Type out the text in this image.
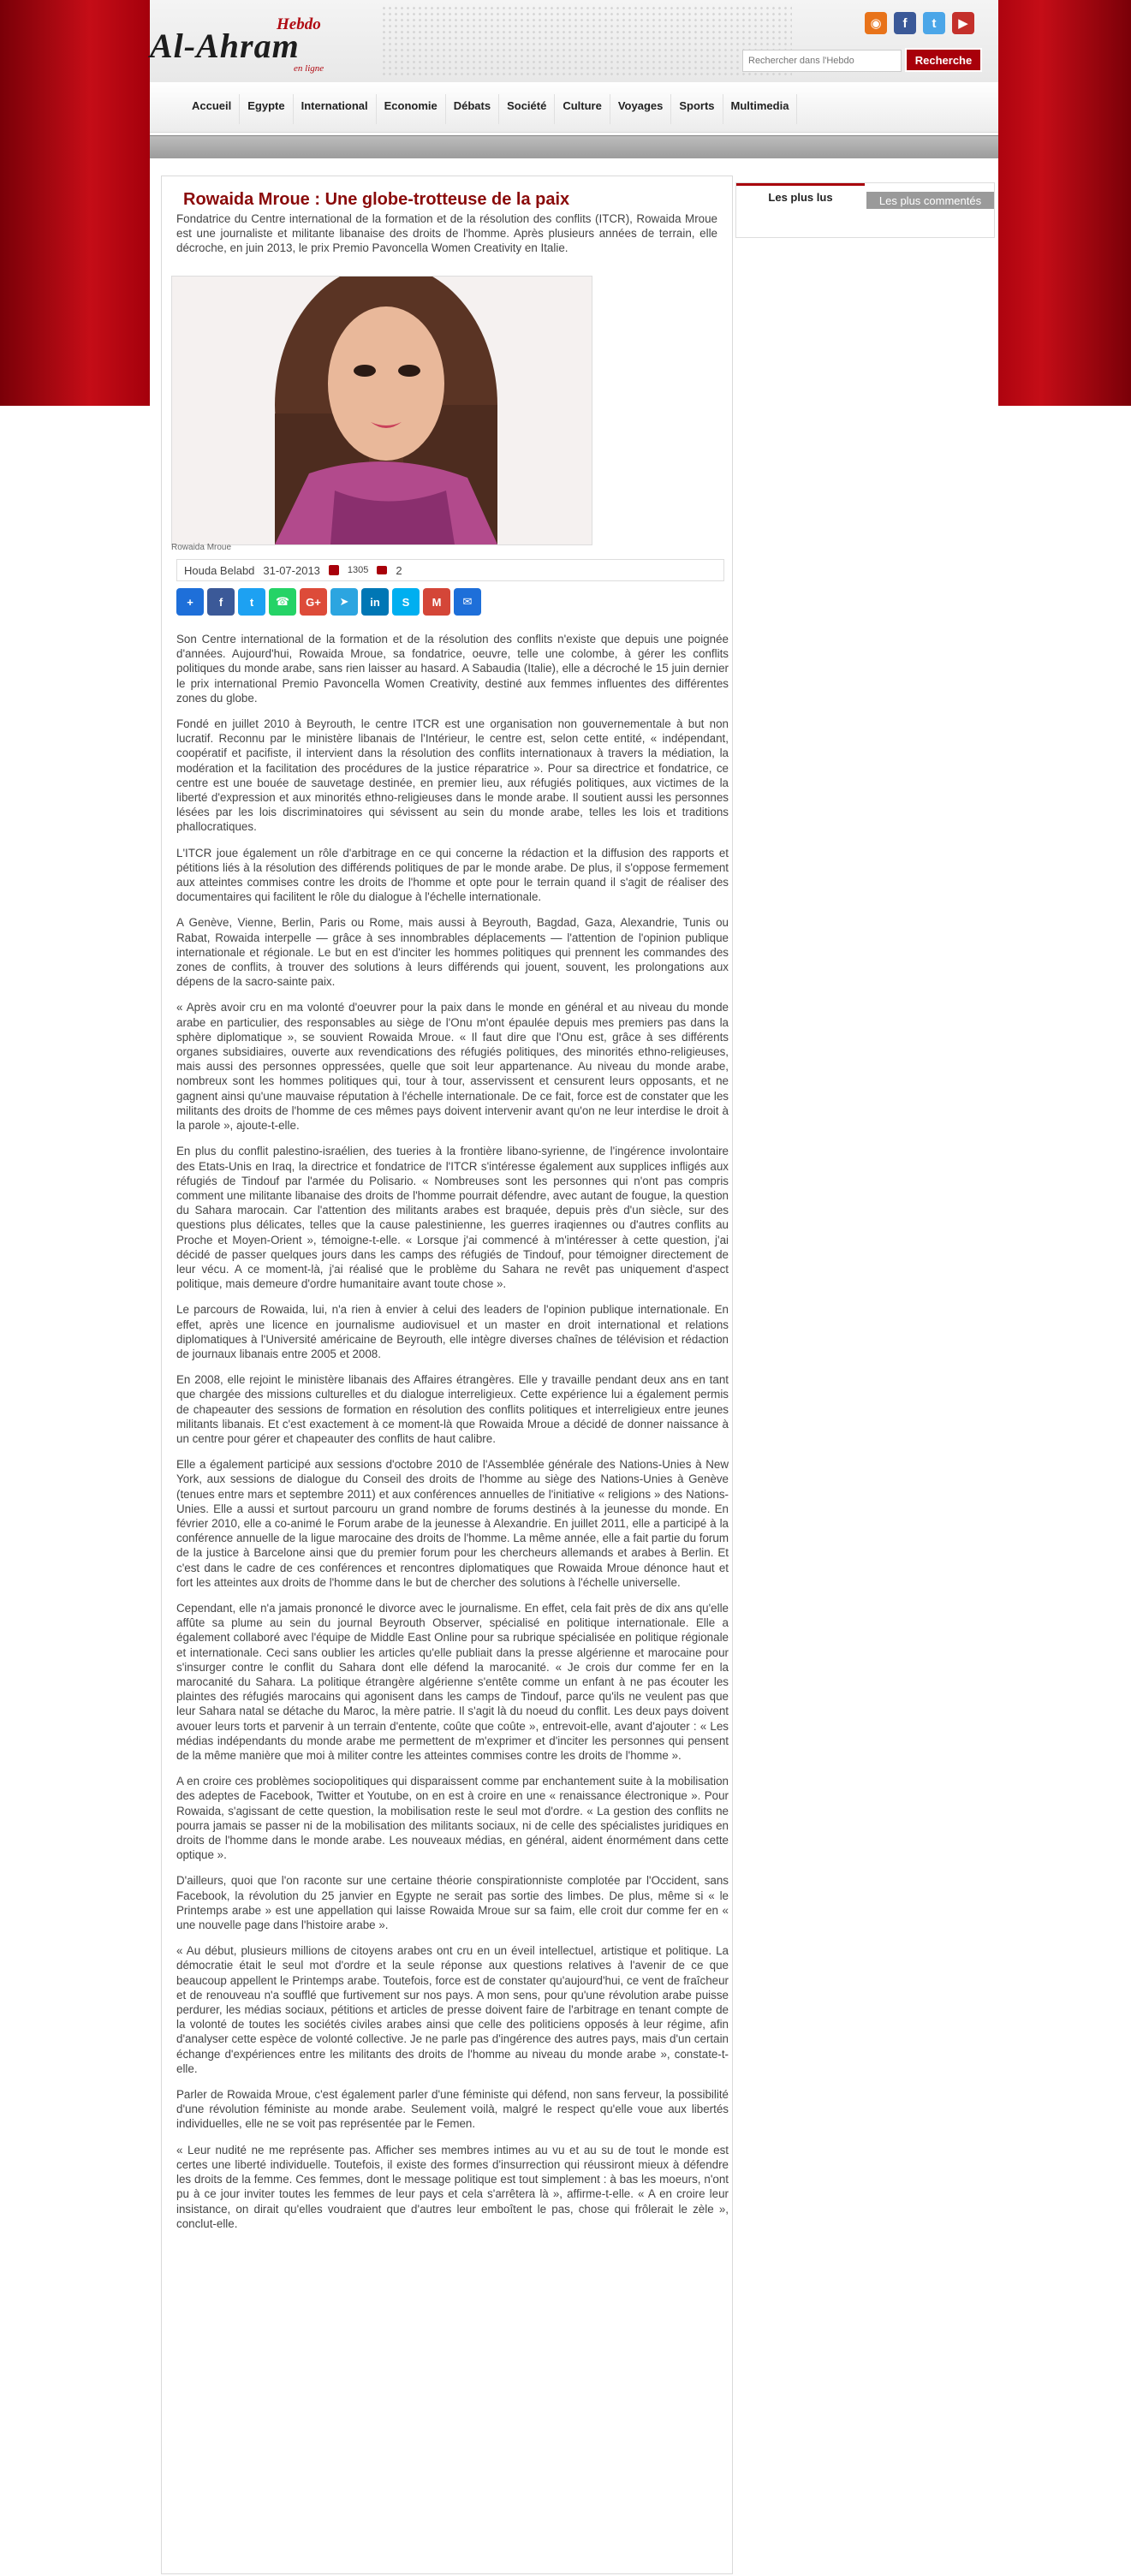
Al-Ahram
Hebdo
en ligne
◉	f	t	▶
Rechercher dans l'Hebdo
Recherche
Accueil	Egypte	International	Economie	Débats	Société	Culture	Voyages	Sports	Multimedia
Rowaida Mroue : Une globe-trotteuse de la paix
Fondatrice du Centre international de la formation et de la résolution des conflits (ITCR), Rowaida Mroue est une journaliste et militante libanaise des droits de l'homme. Après plusieurs années de terrain, elle décroche, en juin 2013, le prix Premio Pavoncella Women Creativity en Italie.
Rowaida Mroue
Houda Belabd 31-07-2013	1305 2
+	f	t	☎	G+	➤	in	S	M	✉

Son Centre international de la formation et de la résolution des conflits n'existe que depuis une poignée d'années. Aujourd'hui, Rowaida Mroue, sa fondatrice, oeuvre, telle une colombe, à gérer les conflits politiques du monde arabe, sans rien laisser au hasard. A Sabaudia (Italie), elle a décroché le 15 juin dernier le prix international Premio Pavoncella Women Creativity, destiné aux femmes influentes des différentes zones du globe.

Fondé en juillet 2010 à Beyrouth, le centre ITCR est une organisation non gouvernementale à but non lucratif. Reconnu par le ministère libanais de l'Intérieur, le centre est, selon cette entité, « indépendant, coopératif et pacifiste, il intervient dans la résolution des conflits internationaux à travers la médiation, la modération et la facilitation des procédures de la justice réparatrice ». Pour sa directrice et fondatrice, ce centre est une bouée de sauvetage destinée, en premier lieu, aux réfugiés politiques, aux victimes de la liberté d'expression et aux minorités ethno-religieuses dans le monde arabe. Il soutient aussi les personnes lésées par les lois discriminatoires qui sévissent au sein du monde arabe, telles les lois et traditions phallocratiques.

L'ITCR joue également un rôle d'arbitrage en ce qui concerne la rédaction et la diffusion des rapports et pétitions liés à la résolution des différends politiques de par le monde arabe. De plus, il s'oppose fermement aux atteintes commises contre les droits de l'homme et opte pour le terrain quand il s'agit de réaliser des documentaires qui facilitent le rôle du dialogue à l'échelle internationale.

A Genève, Vienne, Berlin, Paris ou Rome, mais aussi à Beyrouth, Bagdad, Gaza, Alexandrie, Tunis ou Rabat, Rowaida interpelle — grâce à ses innombrables déplacements — l'attention de l'opinion publique internationale et régionale. Le but en est d'inciter les hommes politiques qui prennent les commandes des zones de conflits, à trouver des solutions à leurs différends qui jouent, souvent, les prolongations aux dépens de la sacro-sainte paix.

« Après avoir cru en ma volonté d'oeuvrer pour la paix dans le monde en général et au niveau du monde arabe en particulier, des responsables au siège de l'Onu m'ont épaulée depuis mes premiers pas dans la sphère diplomatique », se souvient Rowaida Mroue. « Il faut dire que l'Onu est, grâce à ses différents organes subsidiaires, ouverte aux revendications des réfugiés politiques, des minorités ethno-religieuses, mais aussi des personnes oppressées, quelle que soit leur appartenance. Au niveau du monde arabe, nombreux sont les hommes politiques qui, tour à tour, asservissent et censurent leurs opposants, et ne gagnent ainsi qu'une mauvaise réputation à l'échelle internationale. De ce fait, force est de constater que les militants des droits de l'homme de ces mêmes pays doivent intervenir avant qu'on ne leur interdise le droit à la parole », ajoute-t-elle.

En plus du conflit palestino-israélien, des tueries à la frontière libano-syrienne, de l'ingérence involontaire des Etats-Unis en Iraq, la directrice et fondatrice de l'ITCR s'intéresse également aux supplices infligés aux réfugiés de Tindouf par l'armée du Polisario. « Nombreuses sont les personnes qui n'ont pas compris comment une militante libanaise des droits de l'homme pourrait défendre, avec autant de fougue, la question du Sahara marocain. Car l'attention des militants arabes est braquée, depuis près d'un siècle, sur des questions plus délicates, telles que la cause palestinienne, les guerres iraqiennes ou d'autres conflits au Proche et Moyen-Orient », témoigne-t-elle. « Lorsque j'ai commencé à m'intéresser à cette question, j'ai décidé de passer quelques jours dans les camps des réfugiés de Tindouf, pour témoigner directement de leur vécu. A ce moment-là, j'ai réalisé que le problème du Sahara ne revêt pas uniquement d'aspect politique, mais demeure d'ordre humanitaire avant toute chose ».

Le parcours de Rowaida, lui, n'a rien à envier à celui des leaders de l'opinion publique internationale. En effet, après une licence en journalisme audiovisuel et un master en droit international et relations diplomatiques à l'Université américaine de Beyrouth, elle intègre diverses chaînes de télévision et rédaction de journaux libanais entre 2005 et 2008.

En 2008, elle rejoint le ministère libanais des Affaires étrangères. Elle y travaille pendant deux ans en tant que chargée des missions culturelles et du dialogue interreligieux. Cette expérience lui a également permis de chapeauter des sessions de formation en résolution des conflits politiques et interreligieux entre jeunes militants libanais. Et c'est exactement à ce moment-là que Rowaida Mroue a décidé de donner naissance à un centre pour gérer et chapeauter des conflits de haut calibre.

Elle a également participé aux sessions d'octobre 2010 de l'Assemblée générale des Nations-Unies à New York, aux sessions de dialogue du Conseil des droits de l'homme au siège des Nations-Unies à Genève (tenues entre mars et septembre 2011) et aux conférences annuelles de l'initiative « religions » des Nations-Unies. Elle a aussi et surtout parcouru un grand nombre de forums destinés à la jeunesse du monde. En février 2010, elle a co-animé le Forum arabe de la jeunesse à Alexandrie. En juillet 2011, elle a participé à la conférence annuelle de la ligue marocaine des droits de l'homme. La même année, elle a fait partie du forum de la justice à Barcelone ainsi que du premier forum pour les chercheurs allemands et arabes à Berlin. Et c'est dans le cadre de ces conférences et rencontres diplomatiques que Rowaida Mroue dénonce haut et fort les atteintes aux droits de l'homme dans le but de chercher des solutions à l'échelle universelle.

Cependant, elle n'a jamais prononcé le divorce avec le journalisme. En effet, cela fait près de dix ans qu'elle affûte sa plume au sein du journal Beyrouth Observer, spécialisé en politique internationale. Elle a également collaboré avec l'équipe de Middle East Online pour sa rubrique spécialisée en politique régionale et internationale. Ceci sans oublier les articles qu'elle publiait dans la presse algérienne et marocaine pour s'insurger contre le conflit du Sahara dont elle défend la marocanité. « Je crois dur comme fer en la marocanité du Sahara. La politique étrangère algérienne s'entête comme un enfant à ne pas écouter les plaintes des réfugiés marocains qui agonisent dans les camps de Tindouf, parce qu'ils ne veulent pas que leur Sahara natal se détache du Maroc, la mère patrie. Il s'agit là du noeud du conflit. Les deux pays doivent avouer leurs torts et parvenir à un terrain d'entente, coûte que coûte », entrevoit-elle, avant d'ajouter : « Les médias indépendants du monde arabe me permettent de m'exprimer et d'inciter les personnes qui pensent de la même manière que moi à militer contre les atteintes commises contre les droits de l'homme ».

A en croire ces problèmes sociopolitiques qui disparaissent comme par enchantement suite à la mobilisation des adeptes de Facebook, Twitter et Youtube, on en est à croire en une « renaissance électronique ». Pour Rowaida, s'agissant de cette question, la mobilisation reste le seul mot d'ordre. « La gestion des conflits ne pourra jamais se passer ni de la mobilisation des militants sociaux, ni de celle des spécialistes juridiques en droits de l'homme dans le monde arabe. Les nouveaux médias, en général, aident énormément dans cette optique ».

D'ailleurs, quoi que l'on raconte sur une certaine théorie conspirationniste complotée par l'Occident, sans Facebook, la révolution du 25 janvier en Egypte ne serait pas sortie des limbes. De plus, même si « le Printemps arabe » est une appellation qui laisse Rowaida Mroue sur sa faim, elle croit dur comme fer en « une nouvelle page dans l'histoire arabe ».

« Au début, plusieurs millions de citoyens arabes ont cru en un éveil intellectuel, artistique et politique. La démocratie était le seul mot d'ordre et la seule réponse aux questions relatives à l'avenir de ce que beaucoup appellent le Printemps arabe. Toutefois, force est de constater qu'aujourd'hui, ce vent de fraîcheur et de renouveau n'a soufflé que furtivement sur nos pays. A mon sens, pour qu'une révolution arabe puisse perdurer, les médias sociaux, pétitions et articles de presse doivent faire de l'arbitrage en tenant compte de la volonté de toutes les sociétés civiles arabes ainsi que celle des politiciens opposés à leur régime, afin d'analyser cette espèce de volonté collective. Je ne parle pas d'ingérence des autres pays, mais d'un certain échange d'expériences entre les militants des droits de l'homme au niveau du monde arabe », constate-t-elle.

Parler de Rowaida Mroue, c'est également parler d'une féministe qui défend, non sans ferveur, la possibilité d'une révolution féministe au monde arabe. Seulement voilà, malgré le respect qu'elle voue aux libertés individuelles, elle ne se voit pas représentée par le Femen.

« Leur nudité ne me représente pas. Afficher ses membres intimes au vu et au su de tout le monde est certes une liberté individuelle. Toutefois, il existe des formes d'insurrection qui réussiront mieux à défendre les droits de la femme. Ces femmes, dont le message politique est tout simplement : à bas les moeurs, n'ont pu à ce jour inviter toutes les femmes de leur pays et cela s'arrêtera là », affirme-t-elle. « A en croire leur insistance, on dirait qu'elles voudraient que d'autres leur emboîtent le pas, chose qui frôlerait le zèle », conclut-elle.

Les plus lus	Les plus commentés
